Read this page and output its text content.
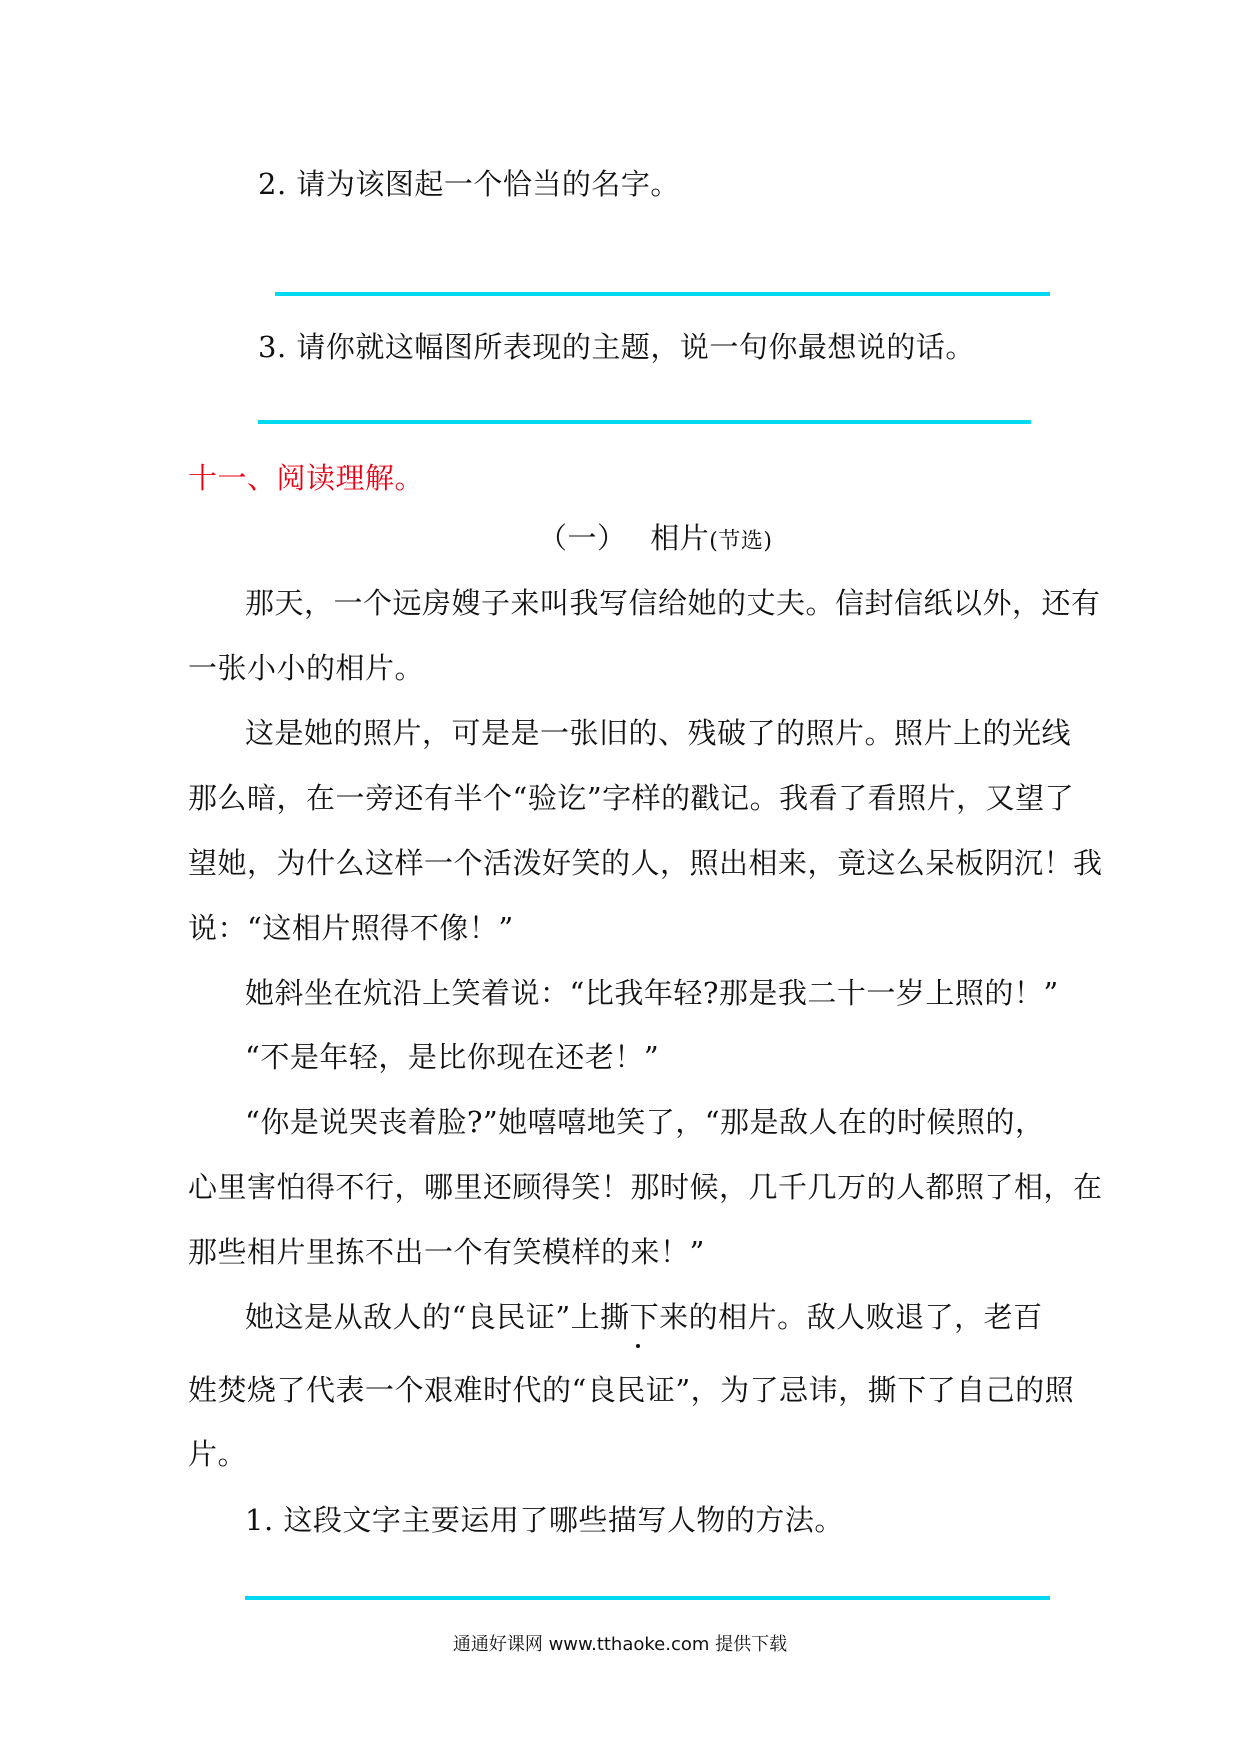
2. 请为该图起一个恰当的名字。
3. 请你就这幅图所表现的主题，说一句你最想说的话。
十一、阅读理解。
（一） 相片(节选)
那天，一个远房嫂子来叫我写信给她的丈夫。信封信纸以外，还有
一张小小的相片。
这是她的照片，可是是一张旧的、残破了的照片。照片上的光线
那么暗，在一旁还有半个“验讫”字样的戳记。我看了看照片，又望了
望她，为什么这样一个活泼好笑的人，照出相来，竟这么呆板阴沉！我
说：“这相片照得不像！”
她斜坐在炕沿上笑着说：“比我年轻?那是我二十一岁上照的！”
“不是年轻，是比你现在还老！”
“你是说哭丧着脸?”她嘻嘻地笑了，“那是敌人在的时候照的，
心里害怕得不行，哪里还顾得笑！那时候，几千几万的人都照了相，在
那些相片里拣不出一个有笑模样的来！”
她这是从敌人的“良民证”上撕下来的相片。敌人败退了，老百
姓焚烧了代表一个艰难时代的“良民证”，为了忌讳，撕下了自己的照
片。
1. 这段文字主要运用了哪些描写人物的方法。
通通好课网 www.tthaoke.com 提供下载
